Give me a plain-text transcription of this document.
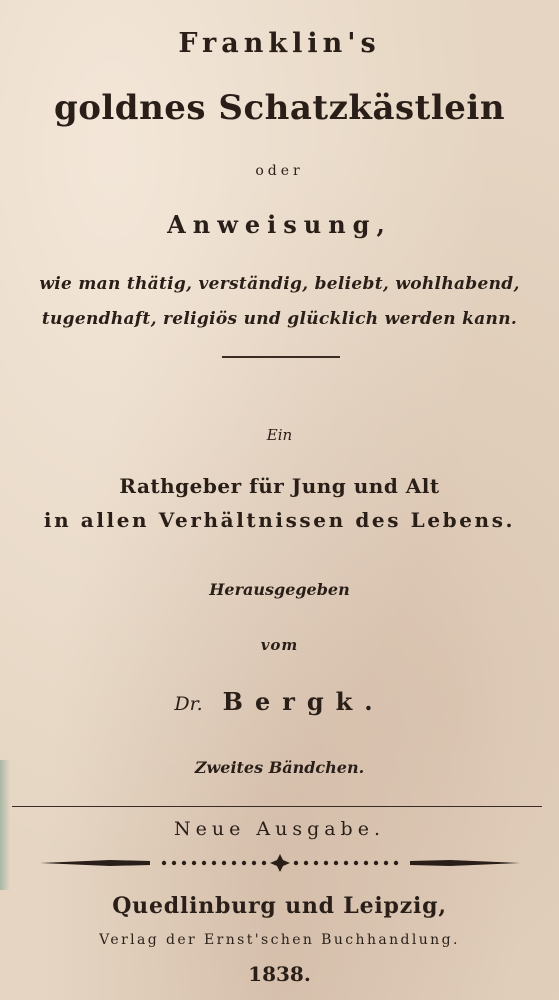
Franklin's
goldnes Schatzkästlein
oder
Anweisung,
wie man thätig, verständig, beliebt, wohlhabend,
tugendhaft, religiös und glücklich werden kann.
Ein
Rathgeber für Jung und Alt
in allen Verhältnissen des Lebens.
Herausgegeben
vom
Dr. Bergk.
Zweites Bändchen.
Neue Ausgabe.
Quedlinburg und Leipzig,
Verlag der Ernst'schen Buchhandlung.
1838.
